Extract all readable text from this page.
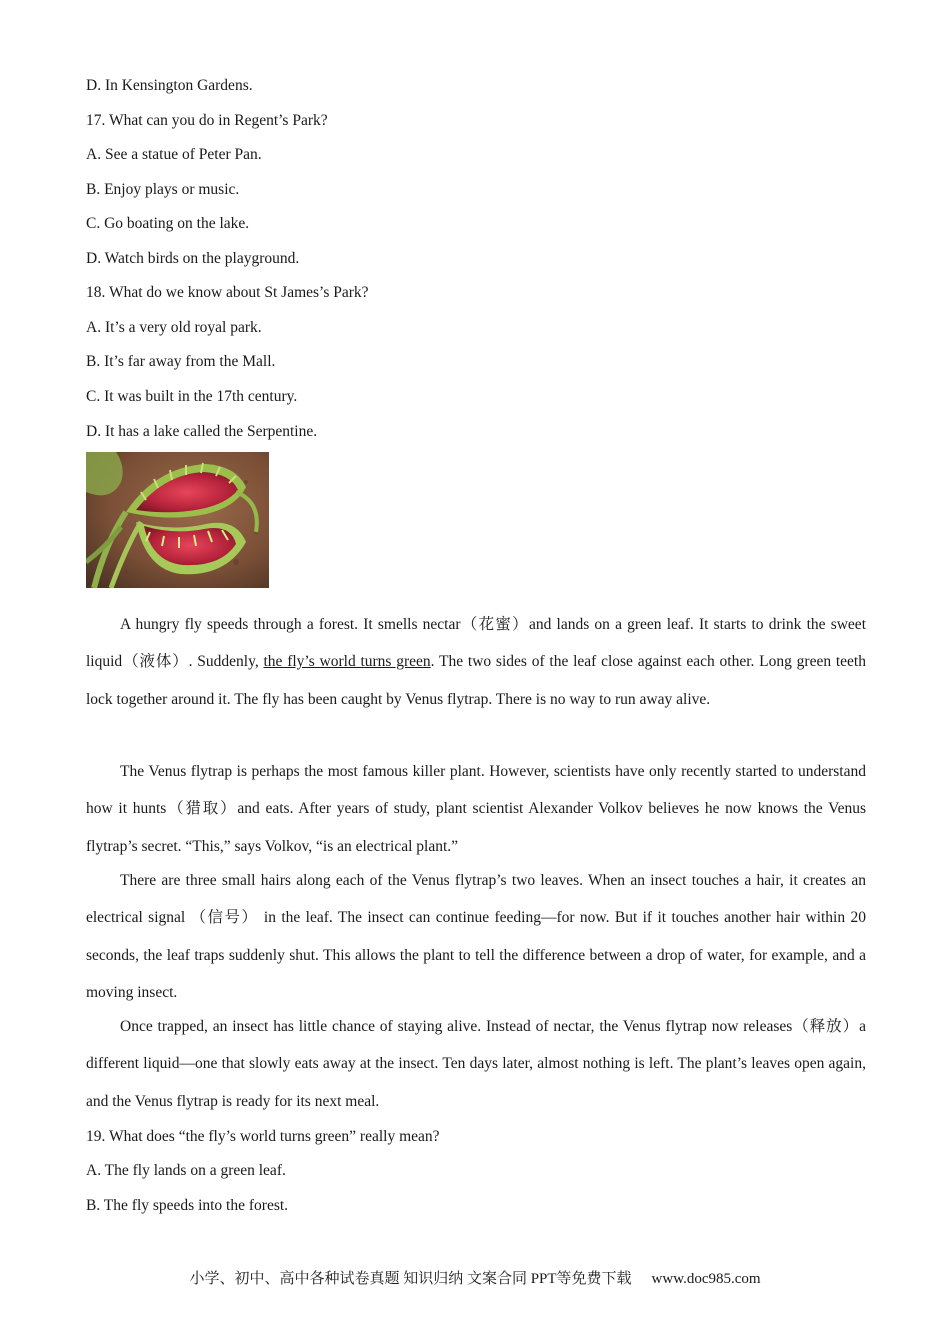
D. In Kensington Gardens.
17. What can you do in Regent’s Park?
A. See a statue of Peter Pan.
B. Enjoy plays or music.
C. Go boating on the lake.
D. Watch birds on the playground.
18. What do we know about St James’s Park?
A. It’s a very old royal park.
B. It’s far away from the Mall.
C. It was built in the 17th century.
D. It has a lake called the Serpentine.
A hungry fly speeds through a forest. It smells nectar（花蜜）and lands on a green leaf. It starts to drink the sweet liquid（液体）. Suddenly, the fly’s world turns green. The two sides of the leaf close against each other. Long green teeth lock together around it. The fly has been caught by Venus flytrap. There is no way to run away alive.
The Venus flytrap is perhaps the most famous killer plant. However, scientists have only recently started to understand how it hunts（猎取）and eats. After years of study, plant scientist Alexander Volkov believes he now knows the Venus flytrap’s secret. “This,” says Volkov, “is an electrical plant.”
There are three small hairs along each of the Venus flytrap’s two leaves. When an insect touches a hair, it creates an electrical signal （信号） in the leaf. The insect can continue feeding—for now. But if it touches another hair within 20 seconds, the leaf traps suddenly shut. This allows the plant to tell the difference between a drop of water, for example, and a moving insect.
Once trapped, an insect has little chance of staying alive. Instead of nectar, the Venus flytrap now releases（释放）a different liquid—one that slowly eats away at the insect. Ten days later, almost nothing is left. The plant’s leaves open again, and the Venus flytrap is ready for its next meal.
19. What does “the fly’s world turns green” really mean?
A. The fly lands on a green leaf.
B. The fly speeds into the forest.
小学、初中、高中各种试卷真题 知识归纳 文案合同 PPT等免费下载 www.doc985.com
